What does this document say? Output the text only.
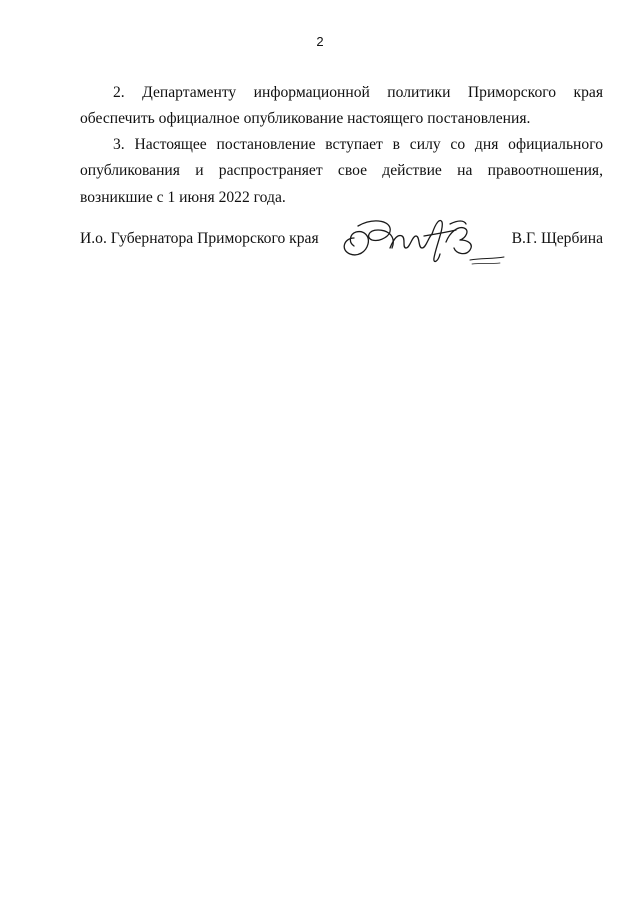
2

2. Департаменту информационной политики Приморского края обеспечить официалное опубликование настоящего постановления.

3. Настоящее постановление вступает в силу со дня официального опубликования и распространяет свое действие на правоотношения, возникшие с 1 июня 2022 года.

И.о. Губернатора Приморского края	В.Г. Щербина
